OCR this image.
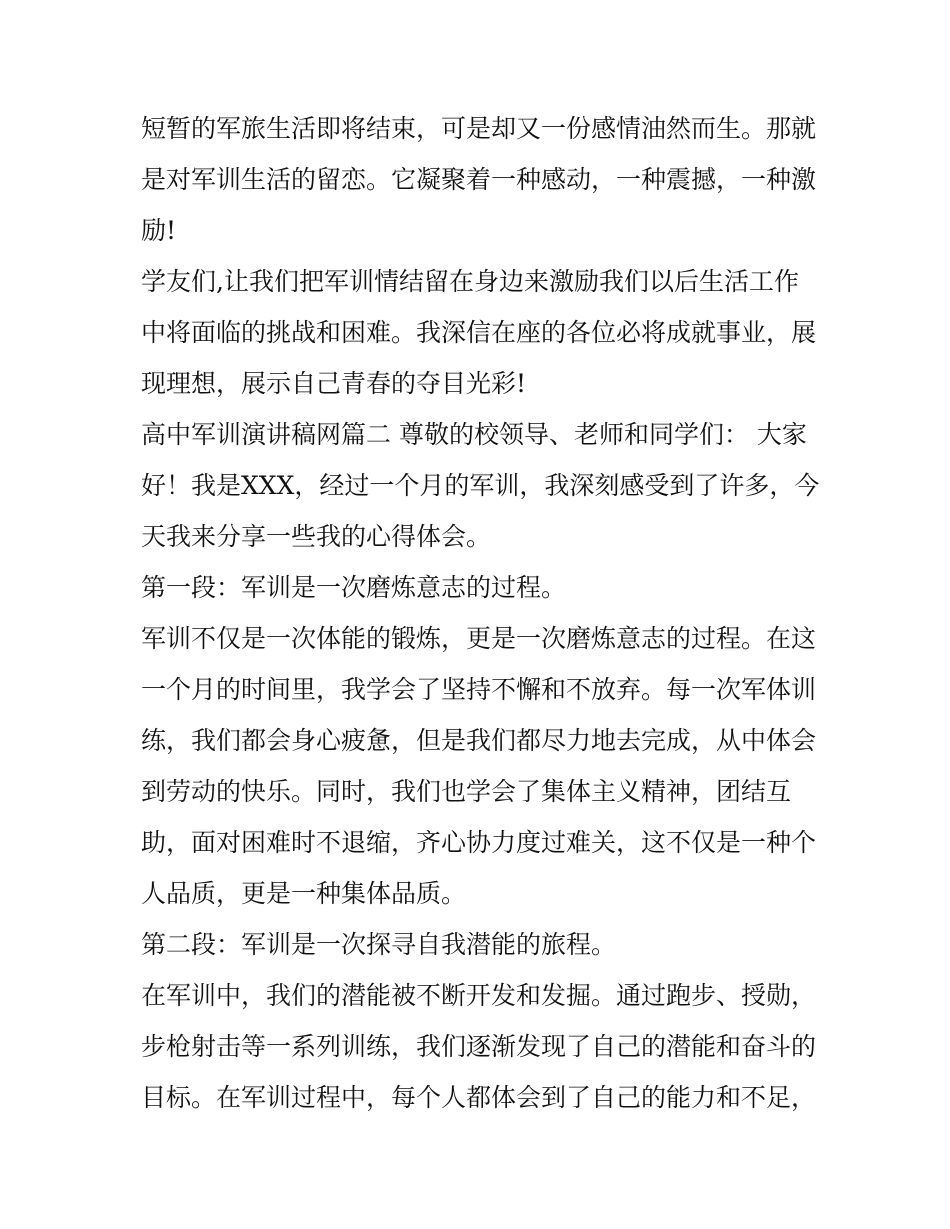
短暂的军旅生活即将结束，可是却又一份感情油然而生。那就
是对军训生活的留恋。它凝聚着一种感动，一种震撼，一种激
励!

学友们,让我们把军训情结留在身边来激励我们以后生活工作
中将面临的挑战和困难。我深信在座的各位必将成就事业，展
现理想，展示自己青春的夺目光彩!

高中军训演讲稿网篇二 尊敬的校领导、老师和同学们： 大家
好！我是XXX，经过一个月的军训，我深刻感受到了许多，今
天我来分享一些我的心得体会。

第一段：军训是一次磨炼意志的过程。

军训不仅是一次体能的锻炼，更是一次磨炼意志的过程。在这
一个月的时间里，我学会了坚持不懈和不放弃。每一次军体训
练，我们都会身心疲惫，但是我们都尽力地去完成，从中体会
到劳动的快乐。同时，我们也学会了集体主义精神，团结互
助，面对困难时不退缩，齐心协力度过难关，这不仅是一种个
人品质，更是一种集体品质。

第二段：军训是一次探寻自我潜能的旅程。

在军训中，我们的潜能被不断开发和发掘。通过跑步、授勋，
步枪射击等一系列训练，我们逐渐发现了自己的潜能和奋斗的
目标。在军训过程中，每个人都体会到了自己的能力和不足，
